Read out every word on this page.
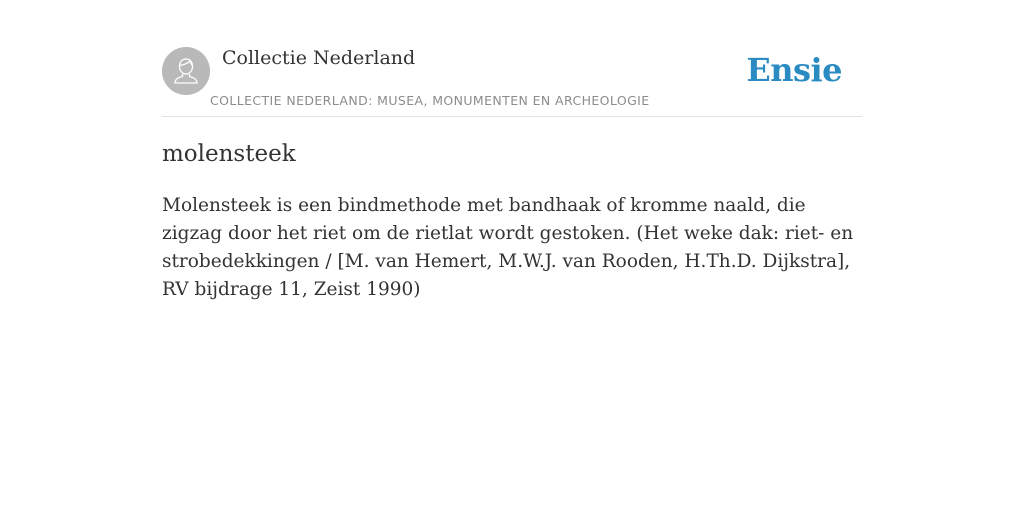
Collectie Nederland
COLLECTIE NEDERLAND: MUSEA, MONUMENTEN EN ARCHEOLOGIE
Ensie
molensteek

Molensteek is een bindmethode met bandhaak of kromme naald, die zigzag door het riet om de rietlat wordt gestoken. (Het weke dak: riet- en strobedekkingen / [M. van Hemert, M.W.J. van Rooden, H.Th.D. Dijkstra], RV bijdrage 11, Zeist 1990)
